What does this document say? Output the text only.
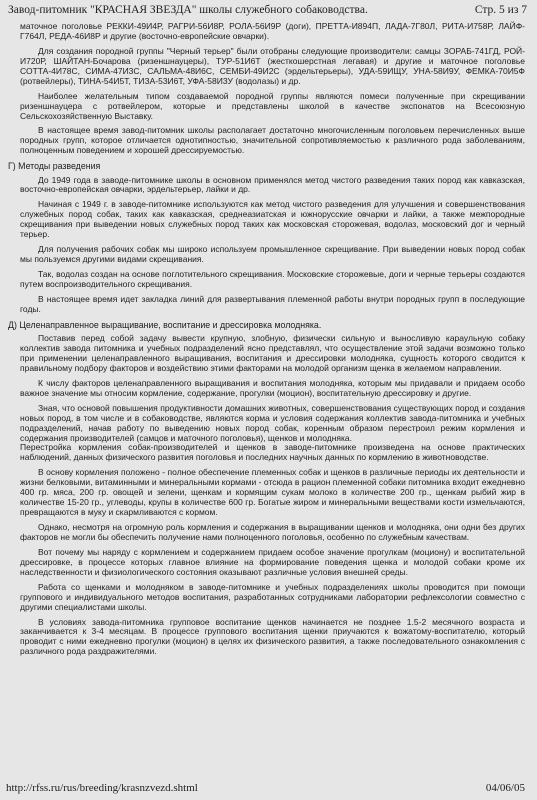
Завод-питомник "КРАСНАЯ ЗВЕЗДА" школы служебного собаководства.	Стр. 5 из 7

маточное поголовье РЕККИ-49И4Р, РАГРИ-56И8Р, РОЛА-56И9Р (доги), ПРЕТТА-И894П, ЛАДА-7Г80Л, РИТА-И758Р, ЛАЙФ-Г764Л, РЕДА-46И8Р и другие (восточно-европейские овчарки).

Для создания породной группы "Черный терьер" были отобраны следующие производители: самцы ЗОРАБ-741ГД, РОЙ-И720Р, ШАЙТАН-Бочарова (ризеншнауцеры), ТУР-51И6Т (жесткошерстная легавая) и другие и маточное поголовье СОТТА-4И78С, СИМА-47И3С, САЛЬМА-48И6С, СЕМБИ-49И2С (эрдельтерьеры), УДА-59ИЩУ, УНА-58И9У, ФЕМКА-70И5Ф (ротвейлеры), ТИНА-54И5Т, ТИЗА-53И6Т, УФА-58И3У (водолазы) и др.

Наиболее желательным типом создаваемой породной группы являются помеси полученные при скрещивании ризеншнауцера с ротвейлером, которые и представлены школой в качестве экспонатов на Всесоюзную Сельскохозяйственную Выставку.

В настоящее время завод-питомник школы располагает достаточно многочисленным поголовьем перечисленных выше породных групп, которое отличается однотипностью, значительной сопротивляемостью к различного рода заболеваниям, полноценным поведением и хорошей дрессируемостью.

Г) Методы разведения

До 1949 года в заводе-питомнике школы в основном применялся метод чистого разведения таких пород как кавказская, восточно-европейская овчарки, эрдельтерьер, лайки и др.

Начиная с 1949 г. в заводе-питомнике используются как метод чистого разведения для улучшения и совершенствования служебных пород собак, таких как кавказская, среднеазиатская и южнорусские овчарки и лайки, а также межпородные скрещивания при выведении новых служебных пород таких как московская сторожевая, водолаз, московский дог и черный терьер.

Для получения рабочих собак мы широко используем промышленное скрещивание. При выведении новых пород собак мы пользуемся другими видами скрещивания.

Так, водолаз создан на основе поглотительного скрещивания. Московские сторожевые, доги и черные терьеры создаются путем воспроизводительного скрещивания.

В настоящее время идет закладка линий для развертывания племенной работы внутри породных групп в последующие годы.

Д) Целенаправленное выращивание, воспитание и дрессировка молодняка.

Поставив перед собой задачу вывести крупную, злобную, физически сильную и выносливую караульную собаку коллектив завода питомника и учебных подразделений ясно представлял, что осуществление этой задачи возможно только при применении целенаправленного выращивания, воспитания и дрессировки молодняка, сущность которого сводится к правильному подбору факторов и воздействию этими факторами на молодой организм щенка в желаемом направлении.

К числу факторов целенаправленного выращивания и воспитания молодняка, которым мы придавали и придаем особо важное значение мы относим кормление, содержание, прогулки (моцион), воспитательную дрессировку и другие.

Зная, что основой повышения продуктивности домашних животных, совершенствования существующих пород и создания новых пород, в том числе и в собаководстве, являются корма и условия содержания коллектив завода-питомника и учебных подразделений, начав работу по выведению новых пород собак, коренным образом перестроил режим кормления и содержания производителей (самцов и маточного поголовья), щенков и молодняка.

Перестройка кормления собак-производителей и щенков в заводе-питомнике произведена на основе практических наблюдений, данных физического развития поголовья и последних научных данных по кормлению в животноводстве.

В основу кормления положено - полное обеспечение племенных собак и щенков в различные периоды их деятельности и жизни белковыми, витаминными и минеральными кормами - отсюда в рацион племенной собаки питомника входит ежедневно 400 гр. мяса, 200 гр. овощей и зелени, щенкам и кормящим сукам молоко в количестве 200 гр., щенкам рыбий жир в количестве 15-20 гр., углеводы, крупы в количестве 600 гр. Богатые жиром и минеральными веществами кости измельчаются, превращаются в муку и скармливаются с кормом.

Однако, несмотря на огромную роль кормления и содержания в выращивании щенков и молодняка, они одни без других факторов не могли бы обеспечить получение нами полноценного поголовья, особенно по служебным качествам.

Вот почему мы наряду с кормлением и содержанием придаем особое значение прогулкам (моциону) и воспитательной дрессировке, в процессе которых главное влияние на формирование поведения щенка и молодой собаки кроме их наследственности и физиологического состояния оказывают различные условия внешней среды.

Работа со щенками и молодняком в заводе-питомнике и учебных подразделениях школы проводится при помощи группового и индивидуального методов воспитания, разработанных сотрудниками лаборатории рефлексологии совместно с другими специалистами школы.

В условиях завода-питомника групповое воспитание щенков начинается не позднее 1.5-2 месячного возраста и заканчивается к 3-4 месяцам. В процессе группового воспитания щенки приучаются к вожатому-воспитателю, который проводит с ними ежедневно прогулки (моцион) в целях их физического развития, а также последовательного ознакомления с различного рода раздражителями.

http://rfss.ru/rus/breeding/krasnzvezd.shtml	04/06/05
